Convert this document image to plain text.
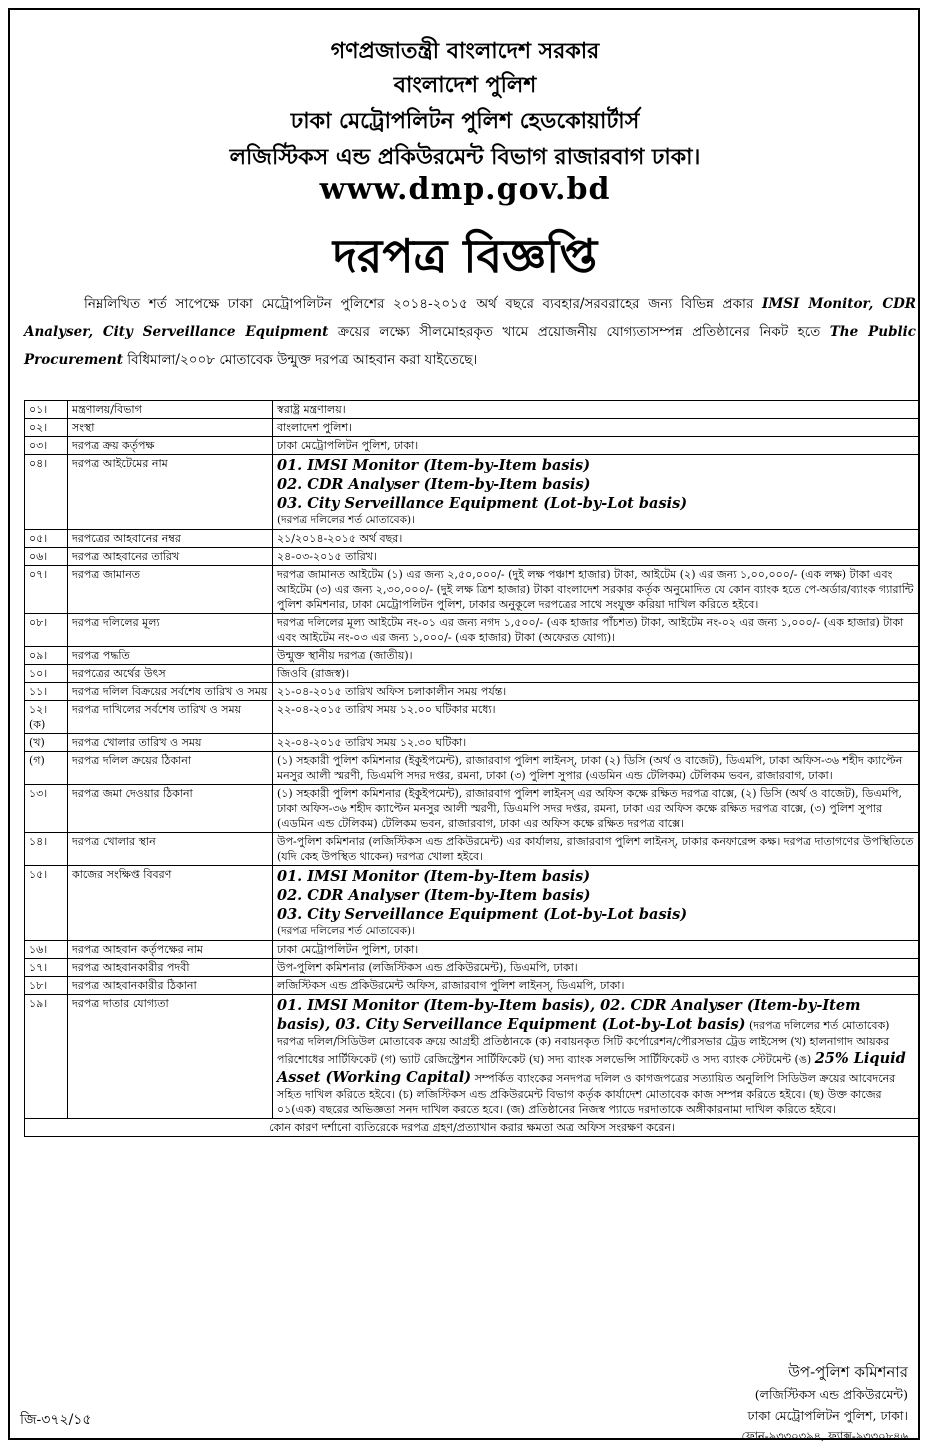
গণপ্রজাতন্ত্রী বাংলাদেশ সরকার
বাংলাদেশ পুলিশ
ঢাকা মেট্রোপলিটন পুলিশ হেডকোয়ার্টার্স
লজিস্টিকস এন্ড প্রকিউরমেন্ট বিভাগ রাজারবাগ ঢাকা।
www.dmp.gov.bd
দরপত্র বিজ্ঞপ্তি
নিম্নলিখিত শর্ত সাপেক্ষে ঢাকা মেট্রোপলিটন পুলিশের ২০১৪-২০১৫ অর্থ বছরে ব্যবহার/সরবরাহের জন্য বিভিন্ন প্রকার IMSI Monitor, CDR Analyser, City Serveillance Equipment ক্রয়ের লক্ষ্যে সীলমোহরকৃত খামে প্রয়োজনীয় যোগ্যতাসম্পন্ন প্রতিষ্ঠানের নিকট হতে The Public Procurement বিধিমালা/২০০৮ মোতাবেক উন্মুক্ত দরপত্র আহবান করা যাইতেছে।
০১।	মন্ত্রণালয়/বিভাগ	স্বরাষ্ট্র মন্ত্রণালয়।
০২।	সংস্থা	বাংলাদেশ পুলিশ।
০৩।	দরপত্র ক্রয় কর্তৃপক্ষ	ঢাকা মেট্রোপলিটন পুলিশ, ঢাকা।
০৪।	দরপত্র আইটেমের নাম	01. IMSI Monitor (Item-by-Item basis)
02. CDR Analyser (Item-by-Item basis)
03. City Serveillance Equipment (Lot-by-Lot basis)
(দরপত্র দলিলের শর্ত মোতাবেক)।

০৫।	দরপত্রের আহবানের নম্বর	২১/২০১৪-২০১৫ অর্থ বছর।
০৬।	দরপত্র আহবানের তারিখ	২৪-০৩-২০১৫ তারিখ।
০৭।	দরপত্র জামানত	দরপত্র জামানত আইটেম (১) এর জন্য ২,৫০,০০০/- (দুই লক্ষ পঞ্চাশ হাজার) টাকা, আইটেম (২) এর জন্য ১,০০,০০০/- (এক লক্ষ) টাকা এবং আইটেম (৩) এর জন্য ২,৩০,০০০/- (দুই লক্ষ ত্রিশ হাজার) টাকা বাংলাদেশ সরকার কর্তৃক অনুমোদিত যে কোন ব্যাংক হতে পে-অর্ডার/ব্যাংক গ্যারান্টি পুলিশ কমিশনার, ঢাকা মেট্রোপলিটন পুলিশ, ঢাকার অনুকূলে দরপত্রের সাথে সংযুক্ত করিয়া দাখিল করিতে হইবে।
০৮।	দরপত্র দলিলের মূল্য	দরপত্র দলিলের মূল্য আইটেম নং-০১ এর জন্য নগদ ১,৫০০/- (এক হাজার পাঁচশত) টাকা, আইটেম নং-০২ এর জন্য ১,০০০/- (এক হাজার) টাকা এবং আইটেম নং-০৩ এর জন্য ১,০০০/- (এক হাজার) টাকা (অফেরত যোগ্য)।
০৯।	দরপত্র পদ্ধতি	উন্মুক্ত স্থানীয় দরপত্র (জাতীয়)।
১০।	দরপত্রের অর্থের উৎস	জিওবি (রাজস্ব)।
১১।	দরপত্র দলিল বিক্রয়ের সর্বশেষ তারিখ ও সময়	২১-০৪-২০১৫ তারিখ অফিস চলাকালীন সময় পর্যন্ত।

১২।
(ক)	দরপত্র দাখিলের সর্বশেষ তারিখ ও সময়	২২-০৪-২০১৫ তারিখ সময় ১২.০০ ঘটিকার মধ্যে।
(খ)	দরপত্র খোলার তারিখ ও সময়	২২-০৪-২০১৫ তারিখ সময় ১২.৩০ ঘটিকা।
(গ)	দরপত্র দলিল ক্রয়ের ঠিকানা	(১) সহকারী পুলিশ কমিশনার (ইকুইপমেন্ট), রাজারবাগ পুলিশ লাইনস্, ঢাকা (২) ডিসি (অর্থ ও বাজেট), ডিএমপি, ঢাকা অফিস-৩৬ শহীদ ক্যাপ্টেন মনসুর আলী স্মরণী, ডিএমপি সদর দপ্তর, রমনা, ঢাকা (৩) পুলিশ সুপার (এডমিন এন্ড টেলিকম) টেলিকম ভবন, রাজারবাগ, ঢাকা।
১৩।	দরপত্র জমা দেওয়ার ঠিকানা	(১) সহকারী পুলিশ কমিশনার (ইকুইপমেন্ট), রাজারবাগ পুলিশ লাইনস্ এর অফিস কক্ষে রক্ষিত দরপত্র বাক্সে, (২) ডিসি (অর্থ ও বাজেট), ডিএমপি, ঢাকা অফিস-৩৬ শহীদ ক্যাপ্টেন মনসুর আলী স্মরণী, ডিএমপি সদর দপ্তর, রমনা, ঢাকা এর অফিস কক্ষে রক্ষিত দরপত্র বাক্সে, (৩) পুলিশ সুপার (এডমিন এন্ড টেলিকম) টেলিকম ভবন, রাজারবাগ, ঢাকা এর অফিস কক্ষে রক্ষিত দরপত্র বাক্সে।
১৪।	দরপত্র খোলার স্থান	উপ-পুলিশ কমিশনার (লজিস্টিকস এন্ড প্রকিউরমেন্ট) এর কার্যালয়, রাজারবাগ পুলিশ লাইনস্, ঢাকার কনফারেন্স কক্ষ। দরপত্র দাতাগণের উপস্থিতিতে (যদি কেহ উপস্থিত থাকেন) দরপত্র খোলা হইবে।
১৫।	কাজের সংক্ষিপ্ত বিবরণ	01. IMSI Monitor (Item-by-Item basis)
02. CDR Analyser (Item-by-Item basis)
03. City Serveillance Equipment (Lot-by-Lot basis)
(দরপত্র দলিলের শর্ত মোতাবেক)।

১৬।	দরপত্র আহবান কর্তৃপক্ষের নাম	ঢাকা মেট্রোপলিটন পুলিশ, ঢাকা।
১৭।	দরপত্র আহবানকারীর পদবী	উপ-পুলিশ কমিশনার (লজিস্টিকস এন্ড প্রকিউরমেন্ট), ডিএমপি, ঢাকা।
১৮।	দরপত্র আহবানকারীর ঠিকানা	লজিস্টিকস এন্ড প্রকিউরমেন্ট অফিস, রাজারবাগ পুলিশ লাইনস্, ডিএমপি, ঢাকা।
১৯।	দরপত্র দাতার যোগ্যতা	01. IMSI Monitor (Item-by-Item basis), 02. CDR Analyser (Item-by-Item basis), 03. City Serveillance Equipment (Lot-by-Lot basis) (দরপত্র দলিলের শর্ত মোতাবেক) দরপত্র দলিল/সিডিউল মোতাবেক ক্রয়ে আগ্রহী প্রতিষ্ঠানকে (ক) নবায়নকৃত সিটি কর্পোরেশন/পৌরসভার ট্রেড লাইসেন্স (খ) হালনাগাদ আয়কর পরিশোধের সার্টিফিকেট (গ) ভ্যাট রেজিস্ট্রেশন সার্টিফিকেট (ঘ) সদ্য ব্যাংক সলভেন্সি সার্টিফিকেট ও সদ্য ব্যাংক স্টেটমেন্ট (ঙ) 25% Liquid Asset (Working Capital) সম্পর্কিত ব্যাংকের সনদপত্র দলিল ও কাগজপত্রের সত্যায়িত অনুলিপি সিডিউল ক্রয়ের আবেদনের সহিত দাখিল করিতে হইবে। (চ) লজিস্টিকস এন্ড প্রকিউরমেন্ট বিভাগ কর্তৃক কার্যাদেশ মোতাবেক কাজ সম্পন্ন করিতে হইবে। (ছ) উক্ত কাজের ০১(এক) বছরের অভিজ্ঞতা সনদ দাখিল করতে হবে। (জ) প্রতিষ্ঠানের নিজস্ব প্যাডে দরদাতাকে অঙ্গীকারনামা দাখিল করিতে হইবে।
কোন কারণ দর্শানো ব্যতিরেকে দরপত্র গ্রহণ/প্রত্যাখান করার ক্ষমতা অত্র অফিস সংরক্ষণ করেন।		
উপ-পুলিশ কমিশনার
(লজিস্টিকস এন্ড প্রকিউরমেন্ট)
ঢাকা মেট্রোপলিটন পুলিশ, ঢাকা।
ফোন-৯৩৩০৩৯৪, ফ্যাক্স-৯৩৩০৮৪৬
জি-৩৭২/১৫
